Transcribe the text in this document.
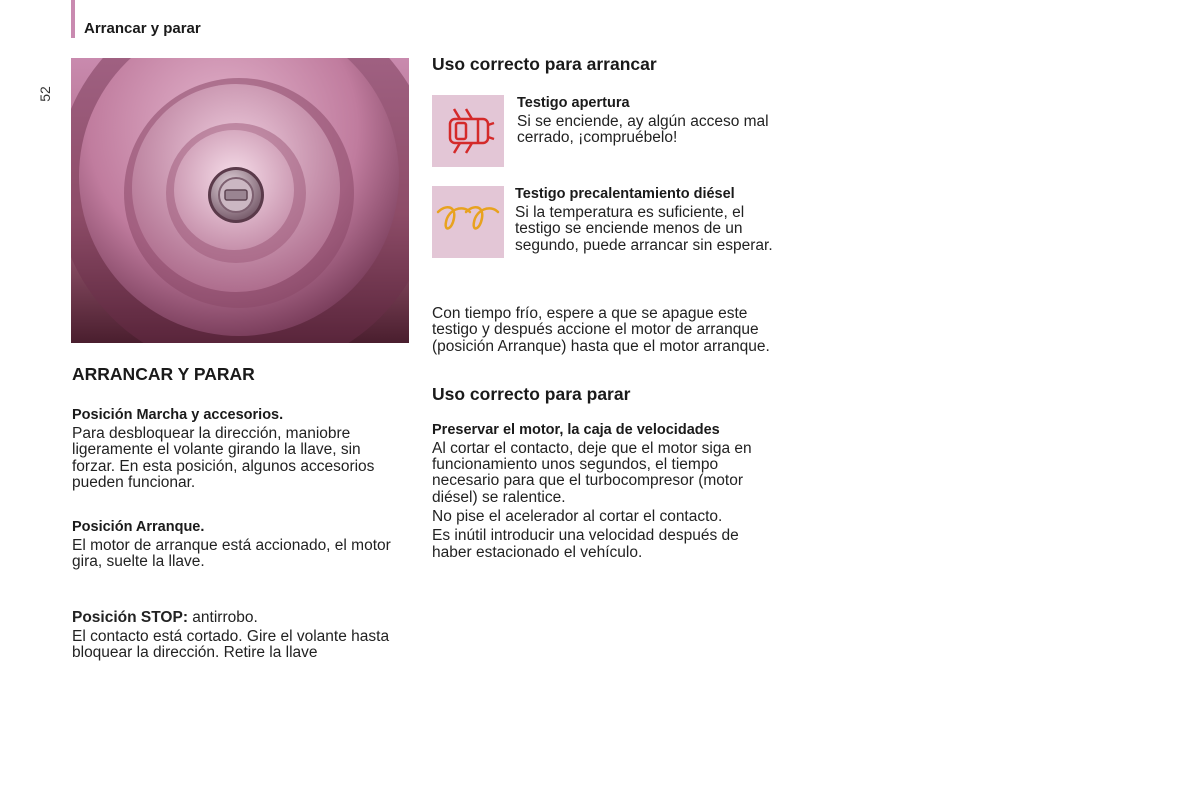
Arrancar y parar
52
ARRANCAR Y PARAR

Posición Marcha y accesorios.

Para desbloquear la dirección, maniobre ligeramente el volante girando la llave, sin forzar. En esta posición, algunos accesorios pueden funcionar.

Posición Arranque.

El motor de arranque está accionado, el motor gira, suelte la llave.

Posición STOP: antirrobo.

El contacto está cortado. Gire el volante hasta bloquear la dirección. Retire la llave

Uso correcto para arrancar

Testigo apertura

Si se enciende, ay algún acceso mal cerrado, ¡compruébelo!

Testigo precalentamiento diésel

Si la temperatura es suficiente, el testigo se enciende menos de un segundo, puede arrancar sin esperar.

Con tiempo frío, espere a que se apague este testigo y después accione el motor de arranque (posición Arranque) hasta que el motor arranque.

Uso correcto para parar

Preservar el motor, la caja de velocidades

Al cortar el contacto, deje que el motor siga en funcionamiento unos segundos, el tiempo necesario para que el turbocompresor (motor diésel) se ralentice.

No pise el acelerador al cortar el contacto.

Es inútil introducir una velocidad después de haber estacionado el vehículo.
